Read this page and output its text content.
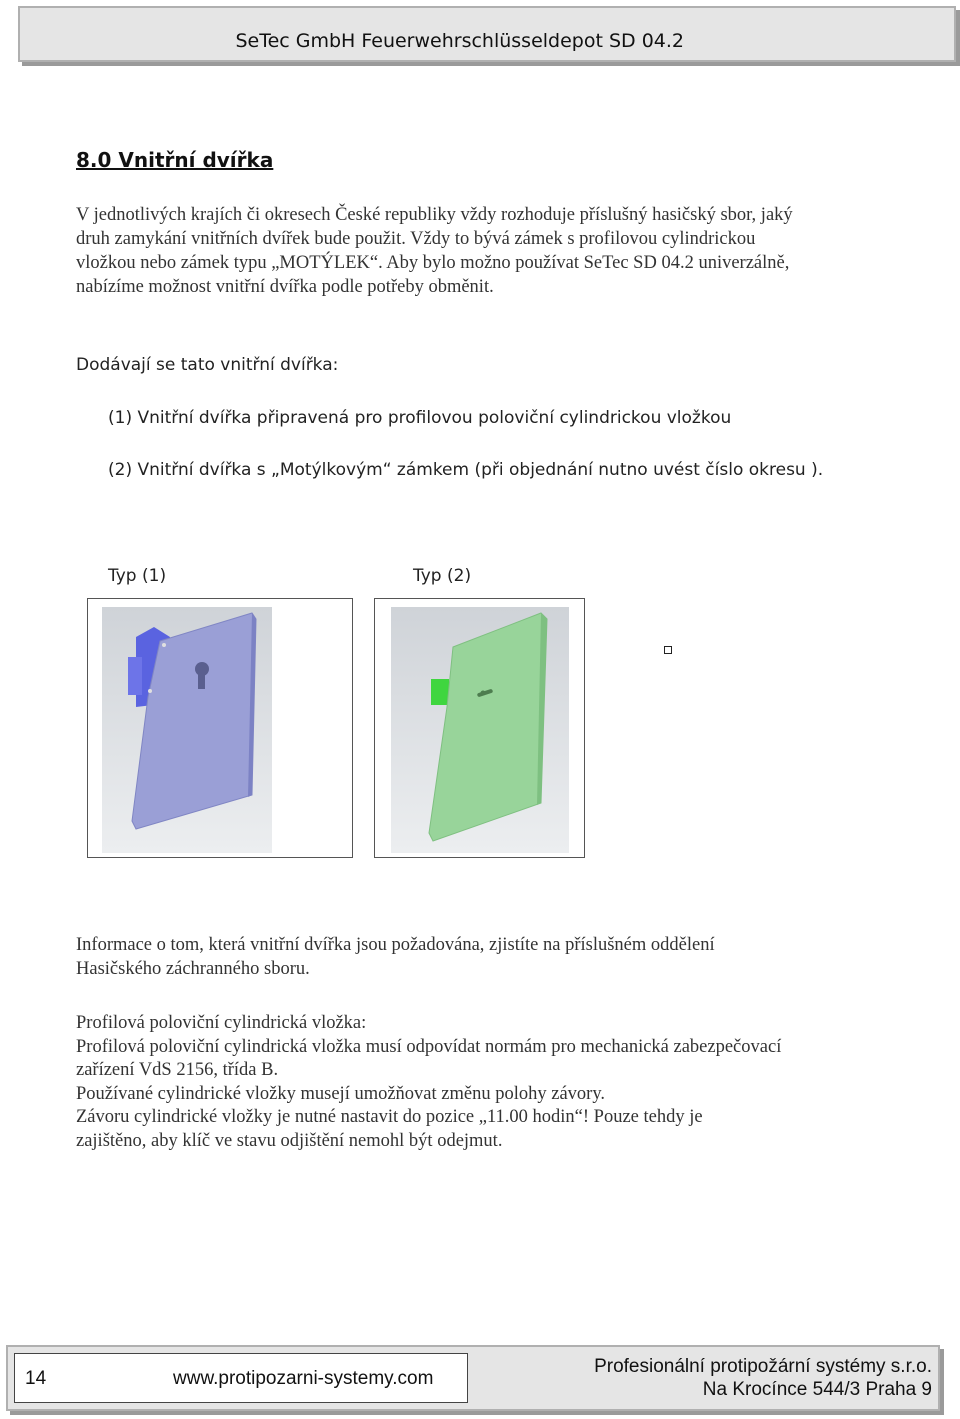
SeTec GmbH Feuerwehrschlüsseldepot SD 04.2
8.0 Vnitřní dvířka

V jednotlivých krajích či okresech České republiky vždy rozhoduje příslušný hasičský sbor, jaký druh zamykání vnitřních dvířek bude použit. Vždy to bývá zámek s profilovou cylindrickou vložkou nebo zámek typu „MOTÝLEK“. Aby bylo možno používat SeTec SD 04.2 univerzálně, nabízíme možnost vnitřní dvířka podle potřeby obměnit.

Dodávají se tato vnitřní dvířka:

(1) Vnitřní dvířka připravená pro profilovou poloviční cylindrickou vložkou

(2) Vnitřní dvířka s „Motýlkovým“ zámkem (při objednání nutno uvést číslo okresu ).

Typ (1)	Typ (2)

Informace o tom, která vnitřní dvířka jsou požadována, zjistíte na příslušném oddělení Hasičského záchranného sboru.

Profilová poloviční cylindrická vložka:
Profilová poloviční cylindrická vložka musí odpovídat normám pro mechanická zabezpečovací
zařízení VdS 2156, třída B.
Používané cylindrické vložky musejí umožňovat změnu polohy závory.
Závoru cylindrické vložky je nutné nastavit do pozice „11.00 hodin“! Pouze tehdy je
zajištěno, aby klíč ve stavu odjištění nemohl být odejmut.
14	www.protipozarni-systemy.com
Profesionální protipožární systémy s.r.o.
Na Krocínce 544/3 Praha 9
